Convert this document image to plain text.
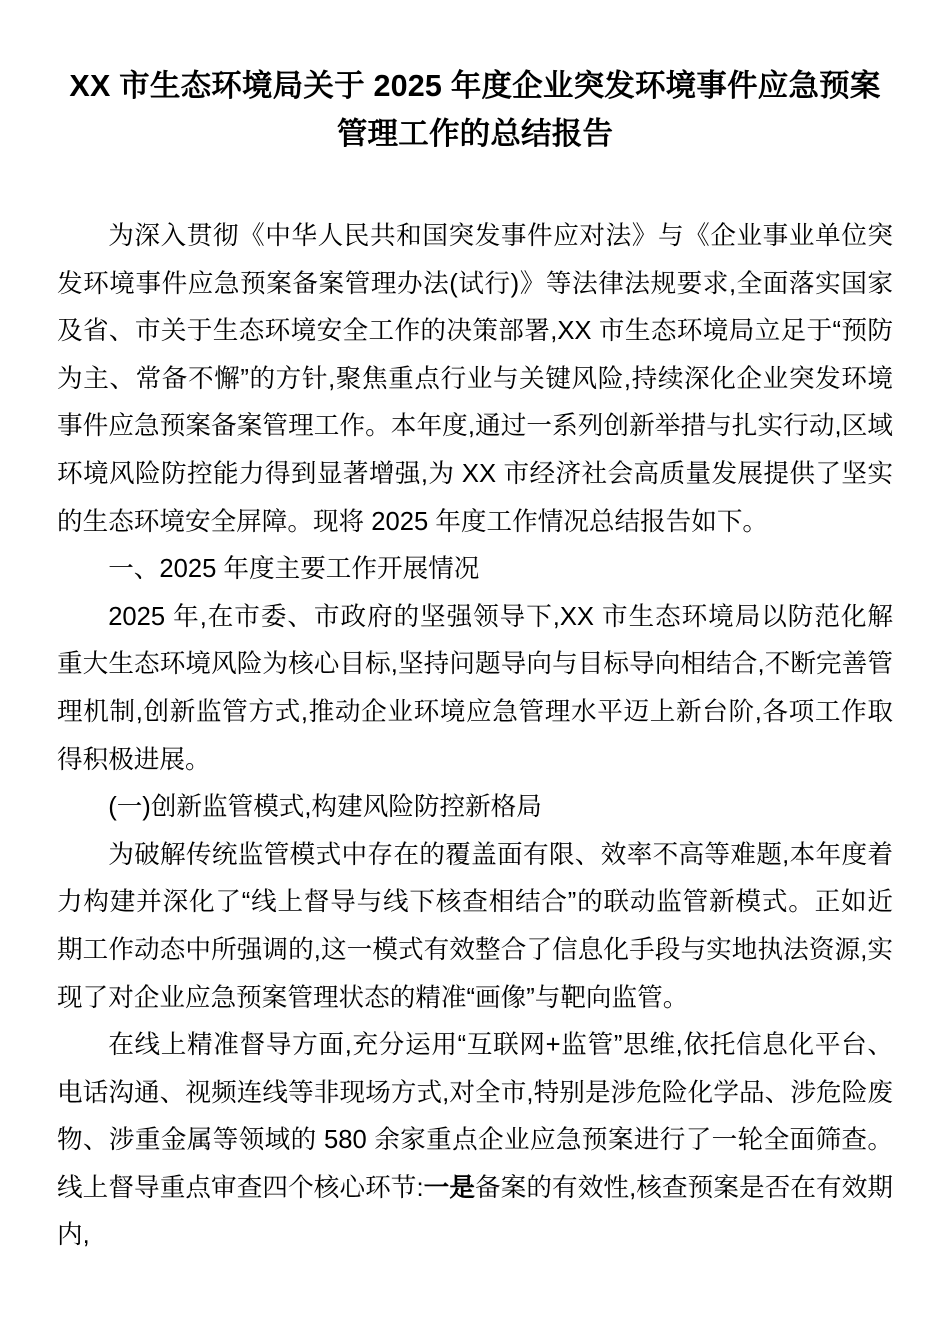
XX 市生态环境局关于 2025 年度企业突发环境事件应急预案管理工作的总结报告

为深入贯彻《中华人民共和国突发事件应对法》与《企业事业单位突发环境事件应急预案备案管理办法(试行)》等法律法规要求,全面落实国家及省、市关于生态环境安全工作的决策部署,XX 市生态环境局立足于“预防为主、常备不懈”的方针,聚焦重点行业与关键风险,持续深化企业突发环境事件应急预案备案管理工作。本年度,通过一系列创新举措与扎实行动,区域环境风险防控能力得到显著增强,为 XX 市经济社会高质量发展提供了坚实的生态环境安全屏障。现将 2025 年度工作情况总结报告如下。

一、2025 年度主要工作开展情况

2025 年,在市委、市政府的坚强领导下,XX 市生态环境局以防范化解重大生态环境风险为核心目标,坚持问题导向与目标导向相结合,不断完善管理机制,创新监管方式,推动企业环境应急管理水平迈上新台阶,各项工作取得积极进展。

(一)创新监管模式,构建风险防控新格局

为破解传统监管模式中存在的覆盖面有限、效率不高等难题,本年度着力构建并深化了“线上督导与线下核查相结合”的联动监管新模式。正如近期工作动态中所强调的,这一模式有效整合了信息化手段与实地执法资源,实现了对企业应急预案管理状态的精准“画像”与靶向监管。

在线上精准督导方面,充分运用“互联网+监管”思维,依托信息化平台、电话沟通、视频连线等非现场方式,对全市,特别是涉危险化学品、涉危险废物、涉重金属等领域的 580 余家重点企业应急预案进行了一轮全面筛查。线上督导重点审查四个核心环节:一是备案的有效性,核查预案是否在有效期内,
